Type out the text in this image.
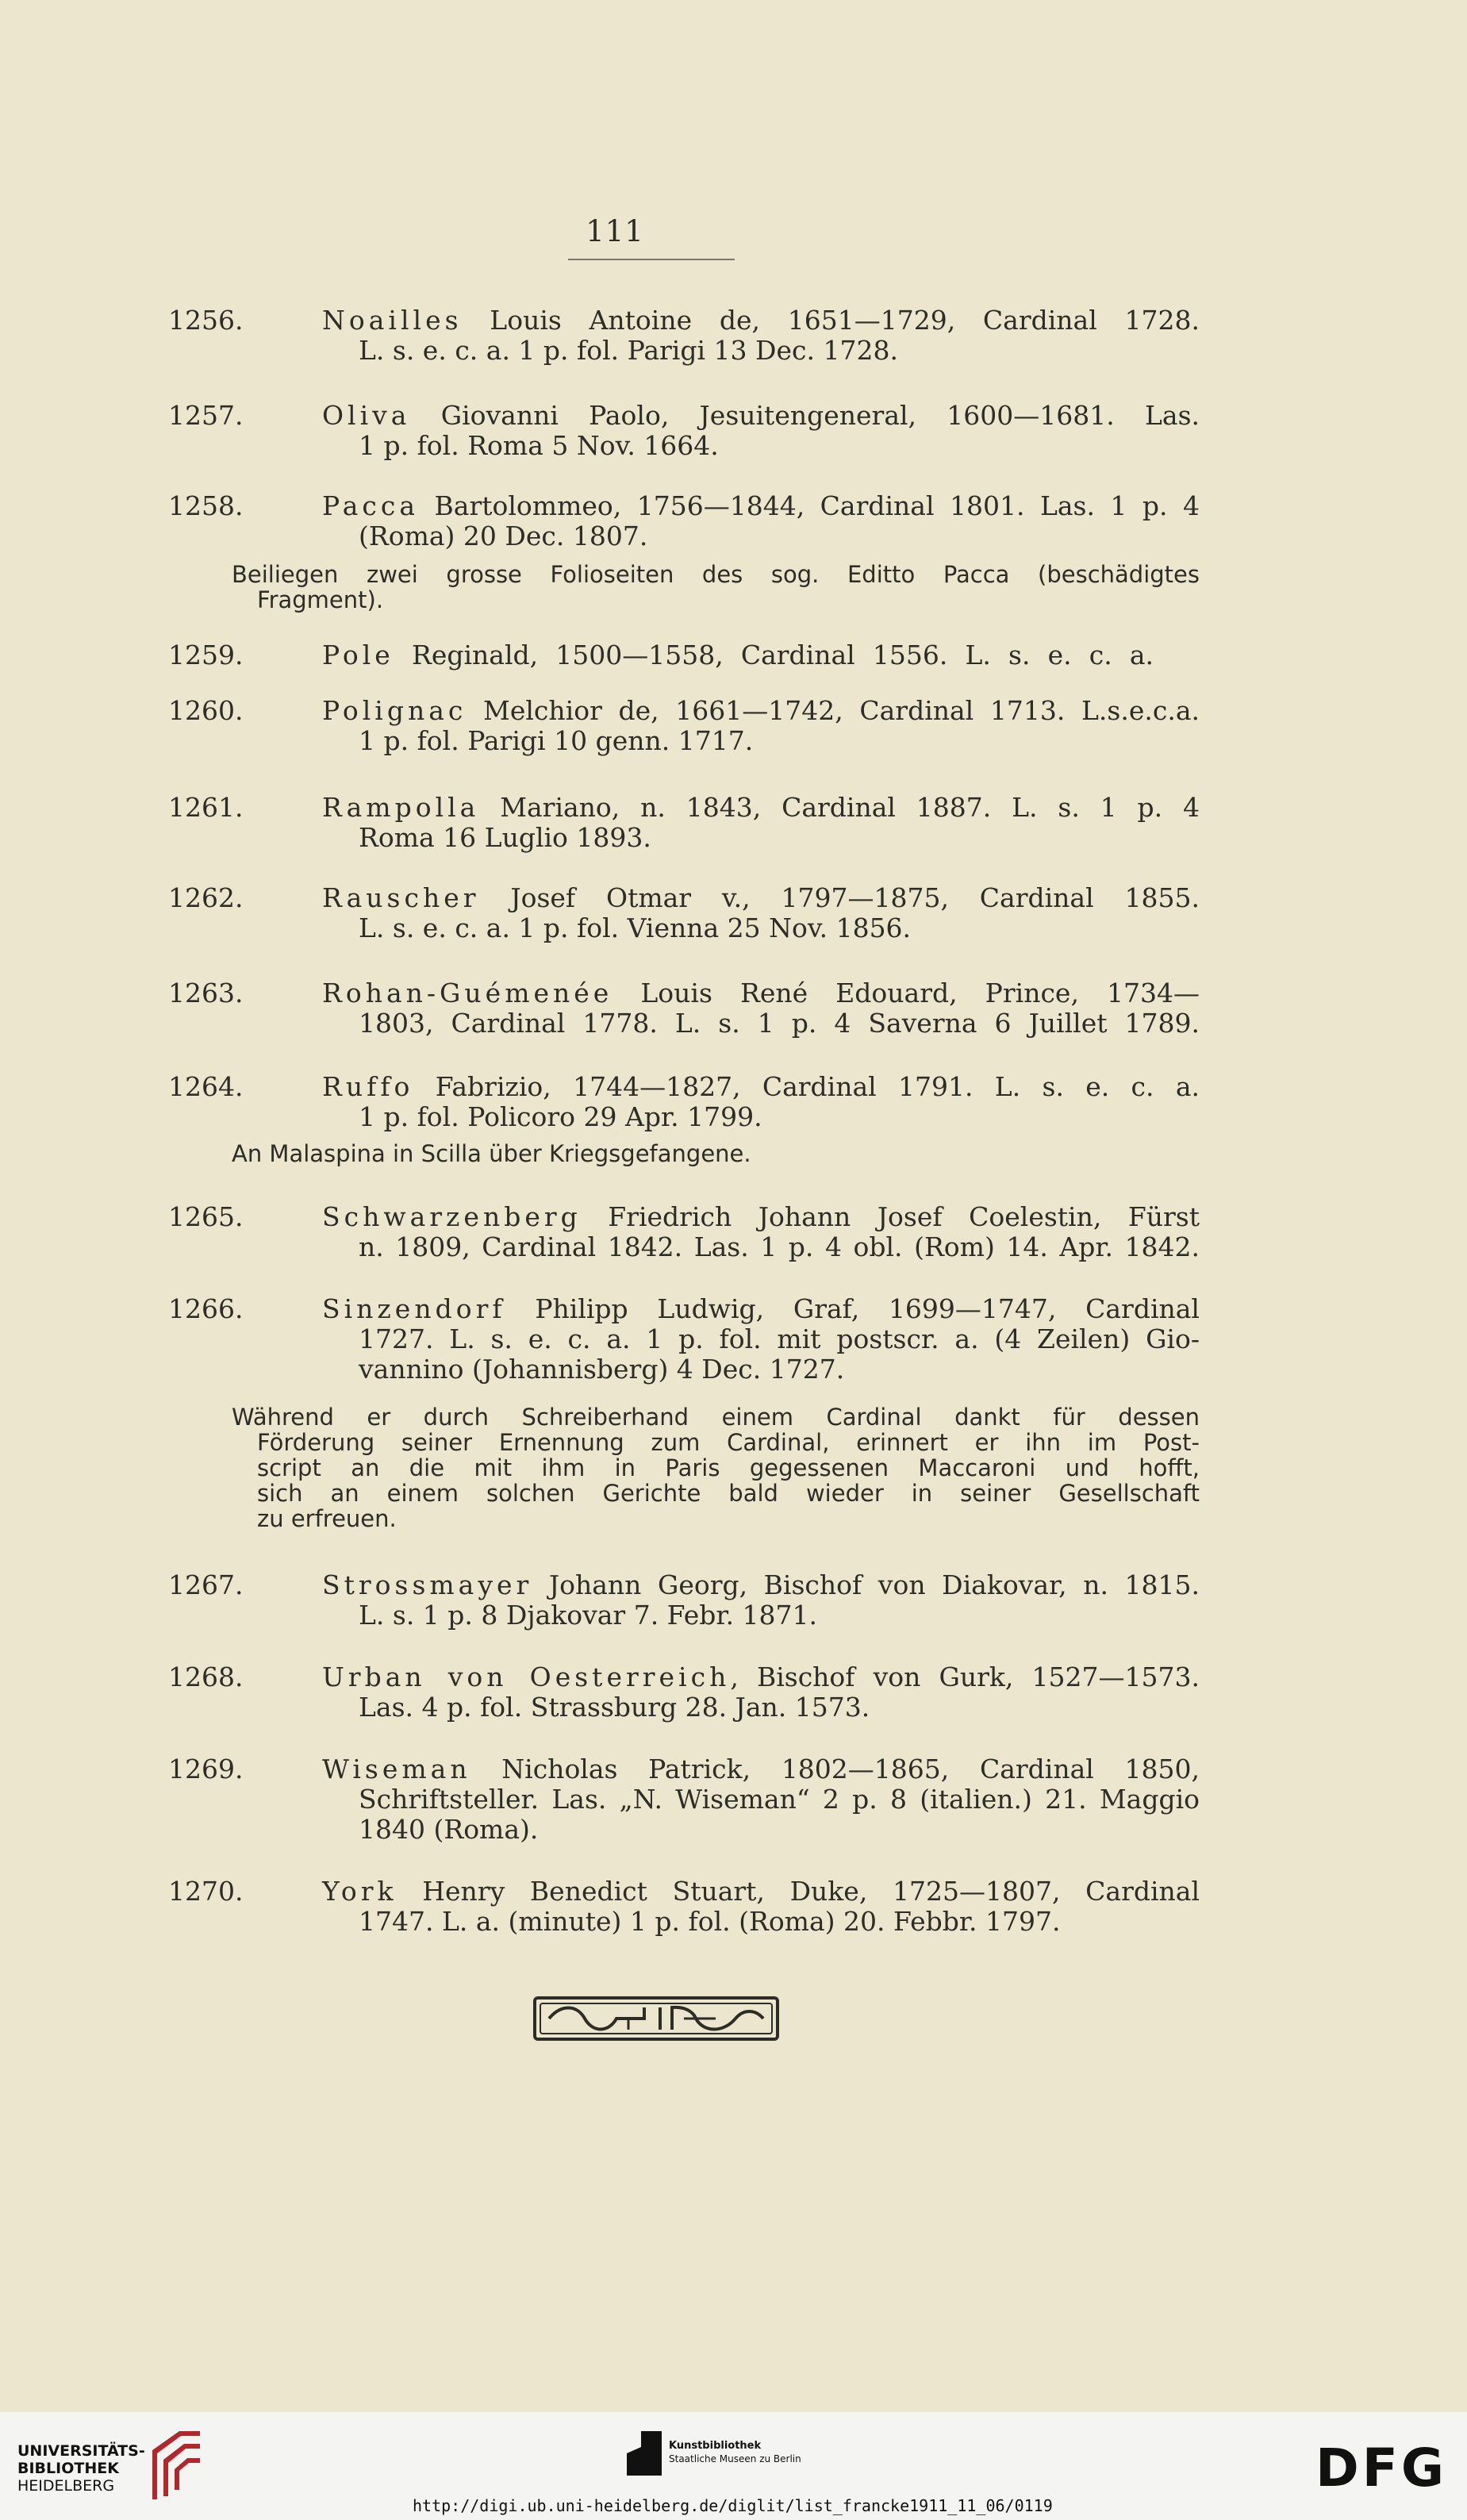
111
1256.	Noailles Louis Antoine de, 1651—1729, Cardinal 1728.
L. s. e. c. a. 1 p. fol. Parigi 13 Dec. 1728.
1257.	Oliva Giovanni Paolo, Jesuitengeneral, 1600—1681. Las.
1 p. fol. Roma 5 Nov. 1664.
1258.	Pacca Bartolommeo, 1756—1844, Cardinal 1801. Las. 1 p. 4
(Roma) 20 Dec. 1807.
Beiliegen zwei grosse Folioseiten des sog. Editto Pacca (beschädigtes
Fragment).
1259.	Pole Reginald, 1500—1558, Cardinal 1556. L. s. e. c. a.
1260.	Polignac Melchior de, 1661—1742, Cardinal 1713. L.s.e.c.a.
1 p. fol. Parigi 10 genn. 1717.
1261.	Rampolla Mariano, n. 1843, Cardinal 1887. L. s. 1 p. 4
Roma 16 Luglio 1893.
1262.	Rauscher Josef Otmar v., 1797—1875, Cardinal 1855.
L. s. e. c. a. 1 p. fol. Vienna 25 Nov. 1856.
1263.	Rohan-Guémenée Louis René Edouard, Prince, 1734—
1803, Cardinal 1778. L. s. 1 p. 4 Saverna 6 Juillet 1789.
1264.	Ruffo Fabrizio, 1744—1827, Cardinal 1791. L. s. e. c. a.
1 p. fol. Policoro 29 Apr. 1799.
An Malaspina in Scilla über Kriegsgefangene.
1265.	Schwarzenberg Friedrich Johann Josef Coelestin, Fürst
n. 1809, Cardinal 1842. Las. 1 p. 4 obl. (Rom) 14. Apr. 1842.
1266.	Sinzendorf Philipp Ludwig, Graf, 1699—1747, Cardinal
1727. L. s. e. c. a. 1 p. fol. mit postscr. a. (4 Zeilen) Gio-
vannino (Johannisberg) 4 Dec. 1727.
Während er durch Schreiberhand einem Cardinal dankt für dessen
Förderung seiner Ernennung zum Cardinal, erinnert er ihn im Post-
script an die mit ihm in Paris gegessenen Maccaroni und hofft,
sich an einem solchen Gerichte bald wieder in seiner Gesellschaft
zu erfreuen.
1267.	Strossmayer Johann Georg, Bischof von Diakovar, n. 1815.
L. s. 1 p. 8 Djakovar 7. Febr. 1871.
1268.	Urban von Oesterreich, Bischof von Gurk, 1527—1573.
Las. 4 p. fol. Strassburg 28. Jan. 1573.
1269.	Wiseman Nicholas Patrick, 1802—1865, Cardinal 1850,
Schriftsteller. Las. „N. Wiseman“ 2 p. 8 (italien.) 21. Maggio
1840 (Roma).
1270.	York Henry Benedict Stuart, Duke, 1725—1807, Cardinal
1747. L. a. (minute) 1 p. fol. (Roma) 20. Febbr. 1797.
UNIVERSITÄTS-
BIBLIOTHEK
HEIDELBERG
Kunstbibliothek
Staatliche Museen zu Berlin	DFG
http://digi.ub.uni-heidelberg.de/diglit/list_francke1911_11_06/0119
